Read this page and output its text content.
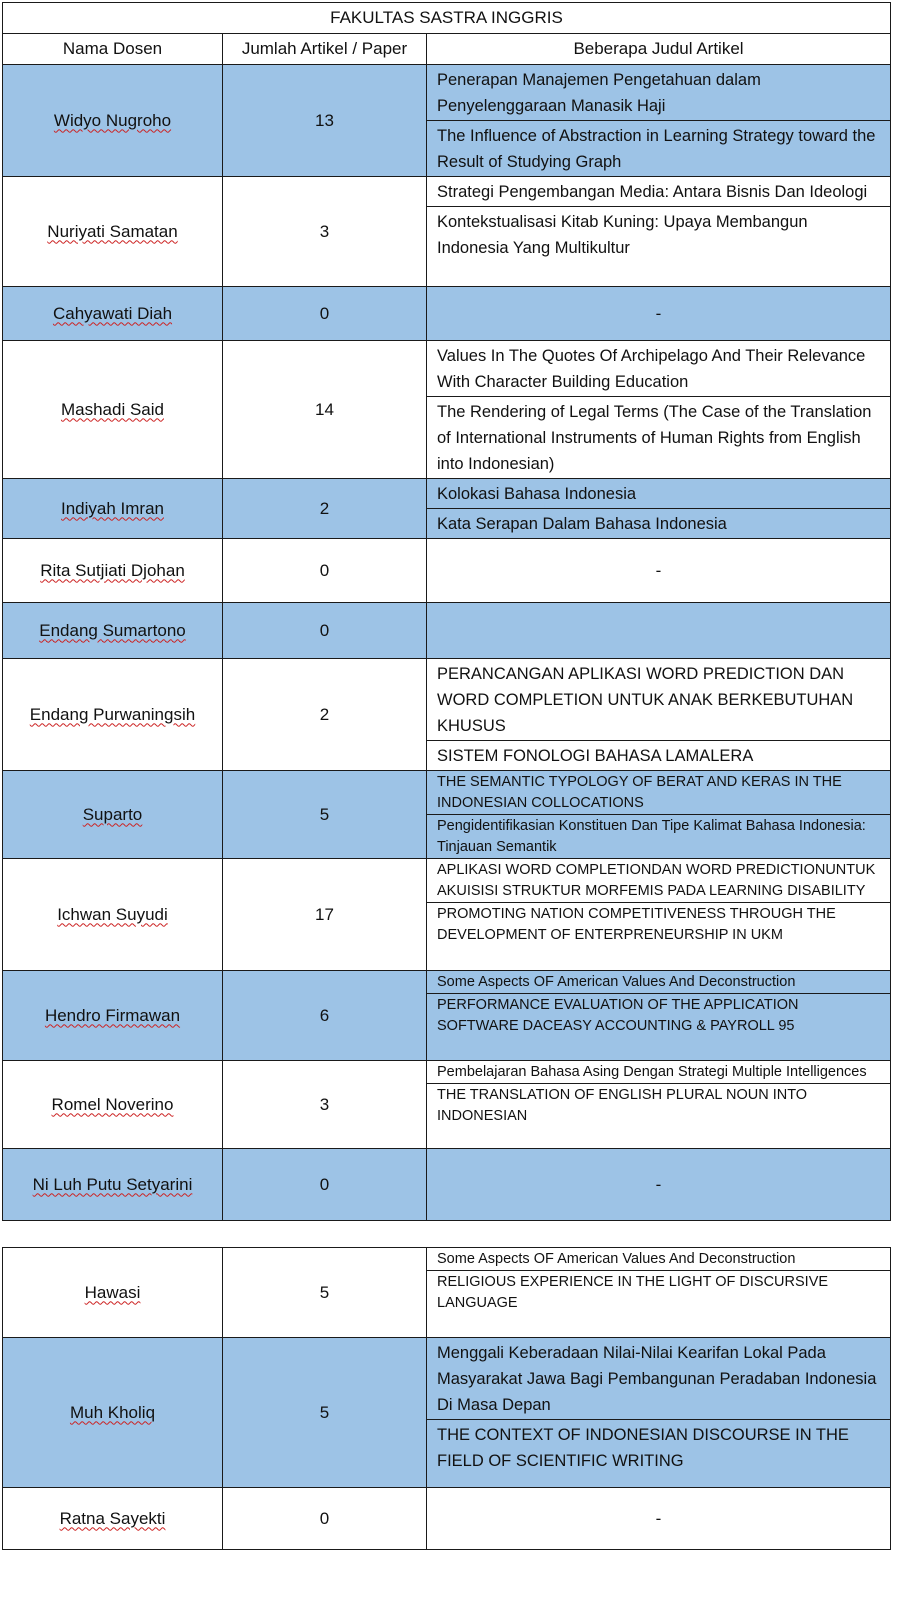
FAKULTAS SASTRA INGGRIS		
Nama Dosen	Jumlah Artikel / Paper	Beberapa Judul Artikel
Widyo Nugroho	13	Penerapan Manajemen Pengetahuan dalam Penyelenggaraan Manasik Haji
The Influence of Abstraction in Learning Strategy toward the Result of Studying Graph

Nuriyati Samatan	3	Strategi Pengembangan Media: Antara Bisnis Dan Ideologi
Kontekstualisasi Kitab Kuning: Upaya Membangun Indonesia Yang Multikultur

Cahyawati Diah	0	-

Mashadi Said	14	Values In The Quotes Of Archipelago And Their Relevance With Character Building Education
The Rendering of Legal Terms (The Case of the Translation of International Instruments of Human Rights from English into Indonesian)

Indiyah Imran	2	Kolokasi Bahasa Indonesia
Kata Serapan Dalam Bahasa Indonesia

Rita Sutjiati Djohan	0	-

Endang Sumartono	0	

Endang Purwaningsih	2	PERANCANGAN APLIKASI WORD PREDICTION DAN WORD COMPLETION UNTUK ANAK BERKEBUTUHAN KHUSUS
SISTEM FONOLOGI BAHASA LAMALERA

Suparto	5	THE SEMANTIC TYPOLOGY OF BERAT AND KERAS IN THE INDONESIAN COLLOCATIONS
Pengidentifikasian Konstituen Dan Tipe Kalimat Bahasa Indonesia: Tinjauan Semantik

Ichwan Suyudi	17	APLIKASI WORD COMPLETIONDAN WORD PREDICTIONUNTUK AKUISISI STRUKTUR MORFEMIS PADA LEARNING DISABILITY
PROMOTING NATION COMPETITIVENESS THROUGH THE DEVELOPMENT OF ENTERPRENEURSHIP IN UKM

Hendro Firmawan	6	Some Aspects OF American Values And Deconstruction
PERFORMANCE EVALUATION OF THE APPLICATION SOFTWARE DACEASY ACCOUNTING & PAYROLL 95

Romel Noverino	3	Pembelajaran Bahasa Asing Dengan Strategi Multiple Intelligences
THE TRANSLATION OF ENGLISH PLURAL NOUN INTO INDONESIAN

Ni Luh Putu Setyarini	0	-
Hawasi	5	Some Aspects OF American Values And Deconstruction
RELIGIOUS EXPERIENCE IN THE LIGHT OF DISCURSIVE LANGUAGE

Muh Kholiq	5	Menggali Keberadaan Nilai-Nilai Kearifan Lokal Pada Masyarakat Jawa Bagi Pembangunan Peradaban Indonesia Di Masa Depan
THE CONTEXT OF INDONESIAN DISCOURSE IN THE FIELD OF SCIENTIFIC WRITING

Ratna Sayekti	0	-
